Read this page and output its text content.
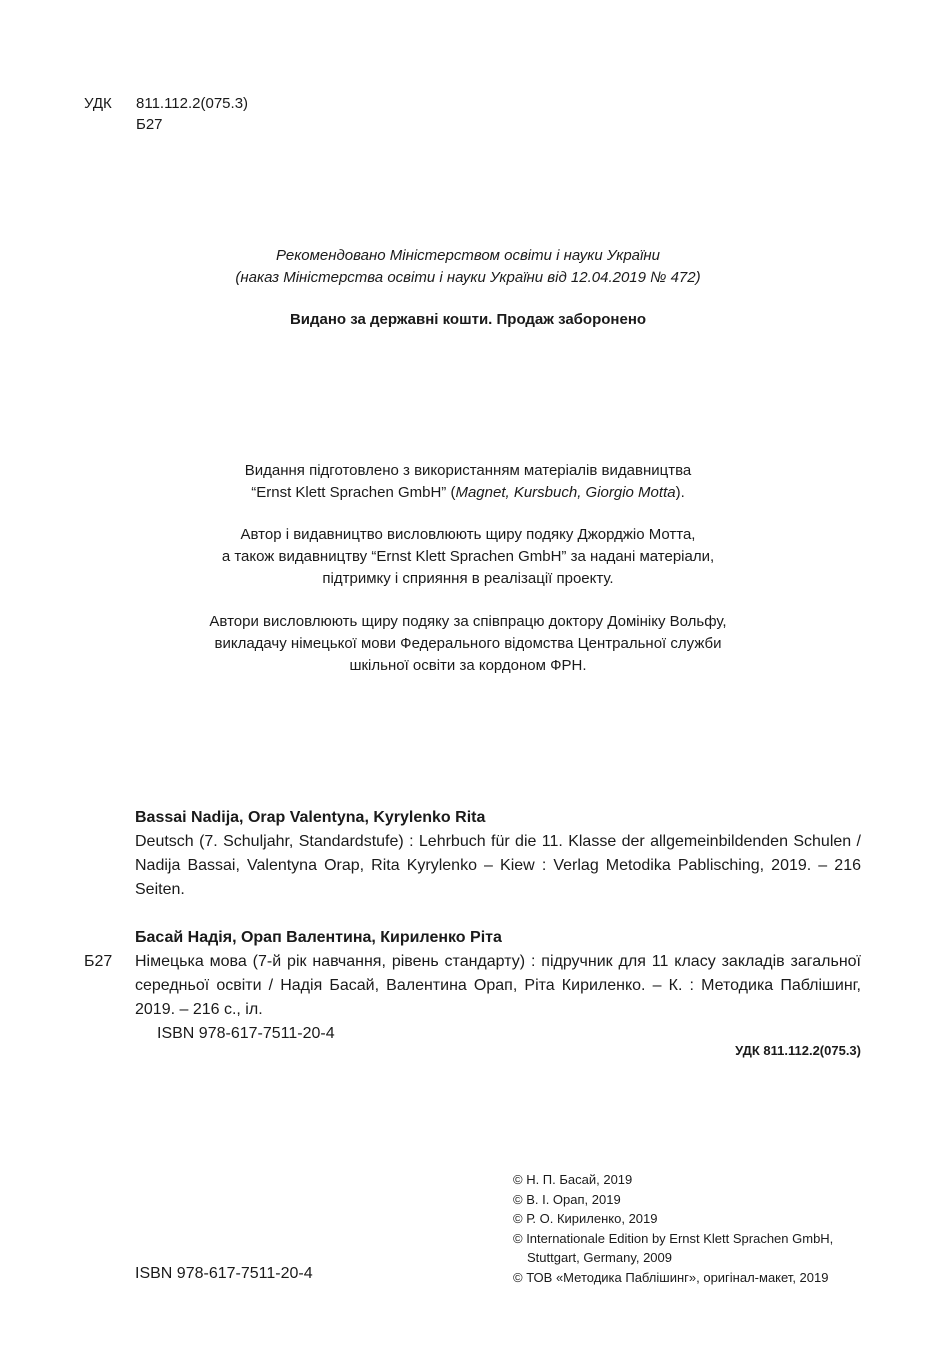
УДК 811.112.2(075.3)
Б27
Рекомендовано Міністерством освіти і науки України
(наказ Міністерства освіти і науки України від 12.04.2019 № 472)
Видано за державні кошти. Продаж заборонено
Видання підготовлено з використанням матеріалів видавництва
“Ernst Klett Sprachen GmbH” (Magnet, Kursbuch, Giorgio Motta).
Автор і видавництво висловлюють щиру подяку Джорджіо Мотта,
а також видавництву “Ernst Klett Sprachen GmbH” за надані матеріали,
підтримку і сприяння в реалізації проекту.
Автори висловлюють щиру подяку за співпрацю доктору Домініку Вольфу,
викладачу німецької мови Федерального відомства Центральної служби
шкільної освіти за кордоном ФРН.
Bassai Nadija, Orap Valentyna, Kyrylenko Rita
Deutsch (7. Schuljahr, Standardstufe) : Lehrbuch für die 11. Klasse der allgemeinbildenden Schulen / Nadija Bassai, Valentyna Orap, Rita Kyrylenko – Kiew : Verlag Metodika Pablisching, 2019. – 216 Seiten.
Б27
Басай Надія, Орап Валентина, Кириленко Ріта
Німецька мова (7-й рік навчання, рівень стандарту) : підручник для 11 класу закладів загальної середньої освіти / Надія Басай, Валентина Орап, Ріта Кириленко. – К. : Методика Паблішинг, 2019. – 216 с., іл.
ISBN 978-617-7511-20-4
УДК 811.112.2(075.3)
© Н. П. Басай, 2019
© В. І. Орап, 2019
© Р. О. Кириленко, 2019
© Internationale Edition by Ernst Klett Sprachen GmbH, Stuttgart, Germany, 2009
© ТОВ «Методика Паблішинг», оригінал-макет, 2019
ISBN 978-617-7511-20-4
